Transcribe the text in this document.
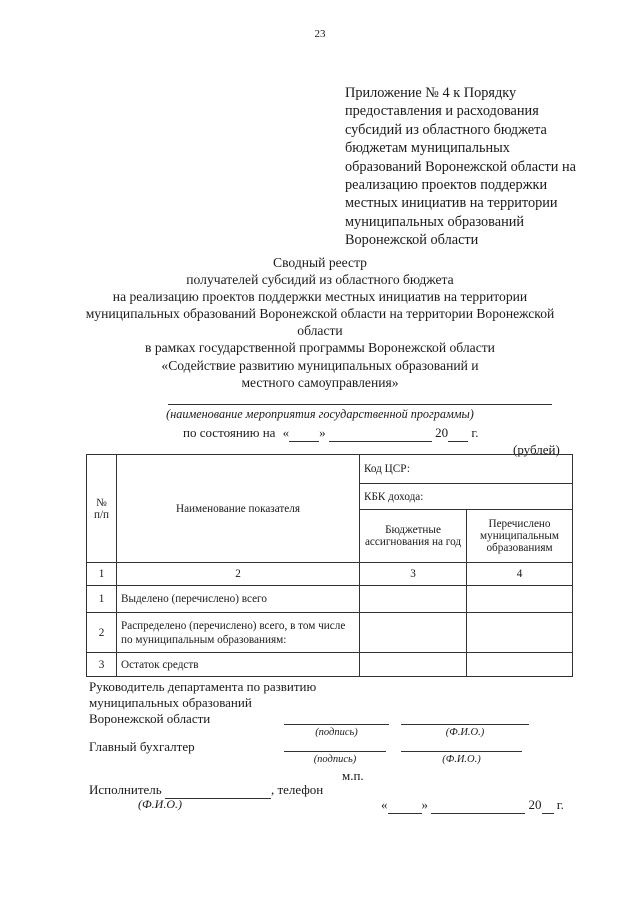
23
Приложение № 4 к Порядку
предоставления и расходования
субсидий из областного бюджета
бюджетам муниципальных
образований Воронежской области на
реализацию проектов поддержки
местных инициатив на территории
муниципальных образований
Воронежской области
Сводный реестр
получателей субсидий из областного бюджета
на реализацию проектов поддержки местных инициатив на территории
муниципальных образований Воронежской области на территории Воронежской
области
в рамках государственной программы Воронежской области
«Содействие развитию муниципальных образований и
местного самоуправления»
(наименование мероприятия государственной программы)
по состоянию на « »	20 г.
(рублей)
№ п/п	Наименование показателя	Код ЦСР:	
		КБК дохода:	
		Бюджетные ассигнования на год	Перечислено муниципальным образованиям
1	2	3	4
1	Выделено (перечислено) всего		
2	Распределено (перечислено) всего, в том числе по муниципальным образованиям:		
3	Остаток средств		
Руководитель департамента по развитию
муниципальных образований
Воронежской области
(подпись)	(Ф.И.О.)
Главный бухгалтер
(подпись)	(Ф.И.О.)
м.п.
Исполнитель	, телефон
(Ф.И.О.)	«	»	20 г.
